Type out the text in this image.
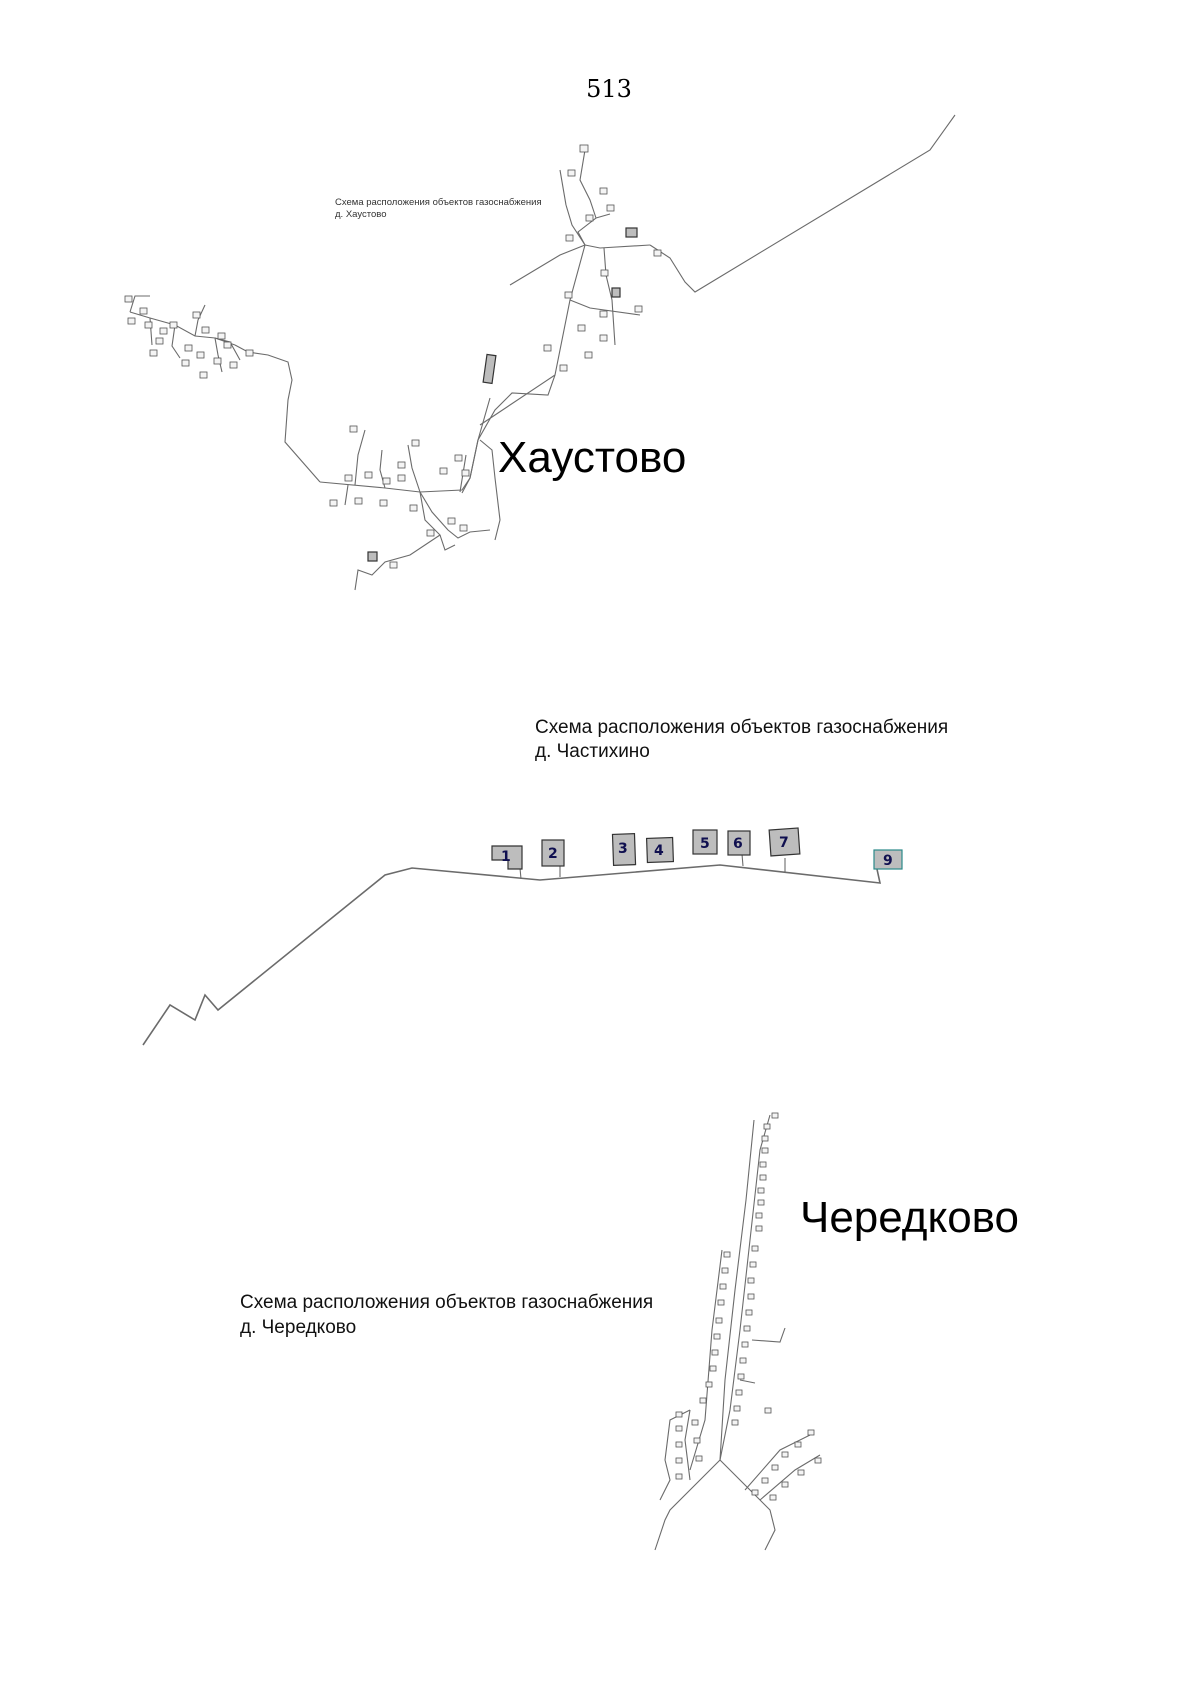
513
Схема расположения объектов газоснабжения
д. Хаустово
Хаустово
Схема расположения объектов газоснабжения
д. Частихино
1	2	3 4	5 6	7
9
Схема расположения объектов газоснабжения
д. Чередково
Чередково
